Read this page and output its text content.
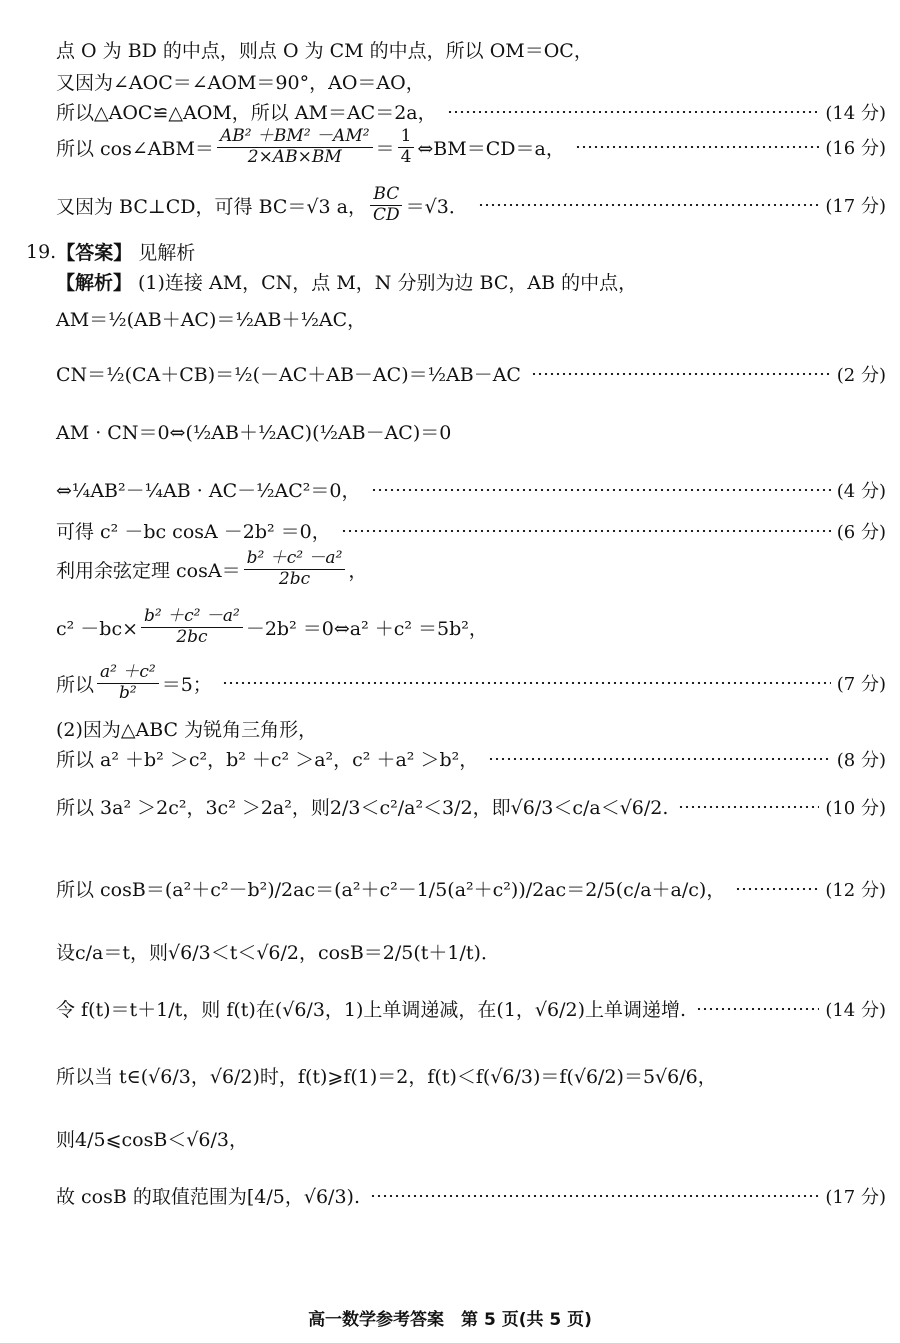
点 O 为 BD 的中点，则点 O 为 CM 的中点，所以 OM＝OC，
又因为∠AOC＝∠AOM＝90°，AO＝AO，
所以△AOC≌△AOM，所以 AM＝AC＝2a，	(14 分)
所以 cos∠ABM＝ $\frac{\text{AB² ＋BM² －AM²}}{2\times AB\times BM} = \frac{1}{4}$ ⇔BM＝CD＝a，	(16 分)
又因为 BC⊥CD，可得 BC＝√3 a， $\frac{BC}{CD} =√3$．	(17 分)
19. 【答案】 见解析
【解析】 (1)连接 AM，CN，点 M，N 分别为边 BC，AB 的中点，
AM＝½(AB＋AC)＝½AB＋½AC，
CN＝½(CA＋CB)＝½(－AC＋AB－AC)＝½AB－AC	(2 分)
AM · CN＝0⇔(½AB＋½AC)(½AB－AC)＝0
⇔¼AB²－¼AB · AC－½AC²＝0，	(4 分)
可得 c² －bc cosA －2b² ＝0，	(6 分)
利用余弦定理 $\cos A= \frac{\text{b² ＋c² －a²}}{2bc}$ ，
$c^2 -bc\times \frac{\text{b² ＋c² －a²}}{2bc} -2b^2$ ＝0⇔a² ＋c² ＝5b²，
所以 $\frac{\text{a² ＋c²}}{\text{b²}} =5$；	(7 分)
(2)因为△ABC 为锐角三角形，
所以 a² ＋b² ＞c²，b² ＋c² ＞a²，c² ＋a² ＞b²，	(8 分)
所以 3a² ＞2c²，3c² ＞2a²，则2/3＜c²/a²＜3/2，即√6/3＜c/a＜√6/2.	(10 分)
所以 cosB＝(a²＋c²－b²)/2ac＝(a²＋c²－1/5(a²＋c²))/2ac＝2/5(c/a＋a/c)，	(12 分)
设c/a＝t，则√6/3＜t＜√6/2，cosB＝2/5(t＋1/t)．
令 f(t)＝t＋1/t，则 f(t)在(√6/3，1)上单调递减，在(1，√6/2)上单调递增.	(14 分)
所以当 t∈(√6/3，√6/2)时，f(t)⩾f(1)＝2，f(t)＜f(√6/3)＝f(√6/2)＝5√6/6，
则4/5⩽cosB＜√6/3，
故 cosB 的取值范围为[4/5，√6/3).	(17 分)
高一数学参考答案　第 5 页(共 5 页)
